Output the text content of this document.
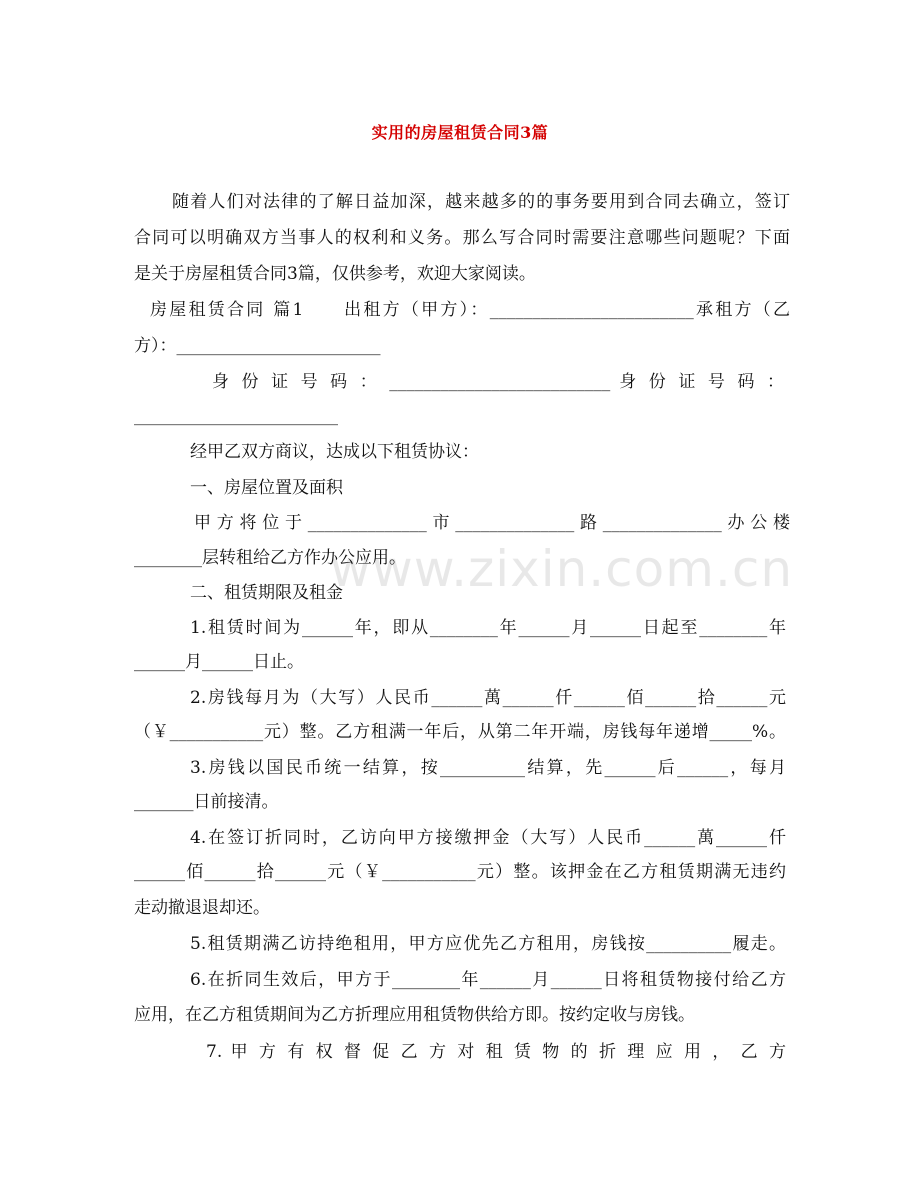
www.zixin.com.cn
实用的房屋租赁合同3篇
随着人们对法律的了解日益加深，越来越多的的事务要用到合同去确立，签订
合同可以明确双方当事人的权利和义务。那么写合同时需要注意哪些问题呢？下面
是关于房屋租赁合同3篇，仅供参考，欢迎大家阅读。
房屋租赁合同 篇1　　出租方（甲方）：________________________承租方（乙
方）：________________________
身 份 证 号 码 ： __________________________ 身 份 证 号 码 ：
________________________
经甲乙双方商议，达成以下租赁协议：
一、房屋位置及面积
甲方将位于______________市______________路______________办公楼
________层转租给乙方作办公应用。
二、租赁期限及租金
1.租赁时间为______年，即从________年______月______日起至________年
______月______日止。
2.房钱每月为（大写）人民币______萬______仟______佰______拾______元
（￥___________元）整。乙方租满一年后，从第二年开端，房钱每年递增_____%。
3.房钱以国民币统一结算，按__________结算，先______后______，每月
_______日前接清。
4.在签订折同时，乙访向甲方接缴押金（大写）人民币______萬______仟
______佰______拾______元（￥___________元）整。该押金在乙方租赁期满无违约
走动撤退退却还。
5.租赁期满乙访持绝租用，甲方应优先乙方租用，房钱按__________履走。
6.在折同生效后，甲方于________年______月______日将租赁物接付给乙方
应用，在乙方租赁期间为乙方折理应用租赁物供给方即。按约定收与房钱。
7. 甲 方 有 权 督 促 乙 方 对 租 赁 物 的 折 理 应 用 ， 乙 方
